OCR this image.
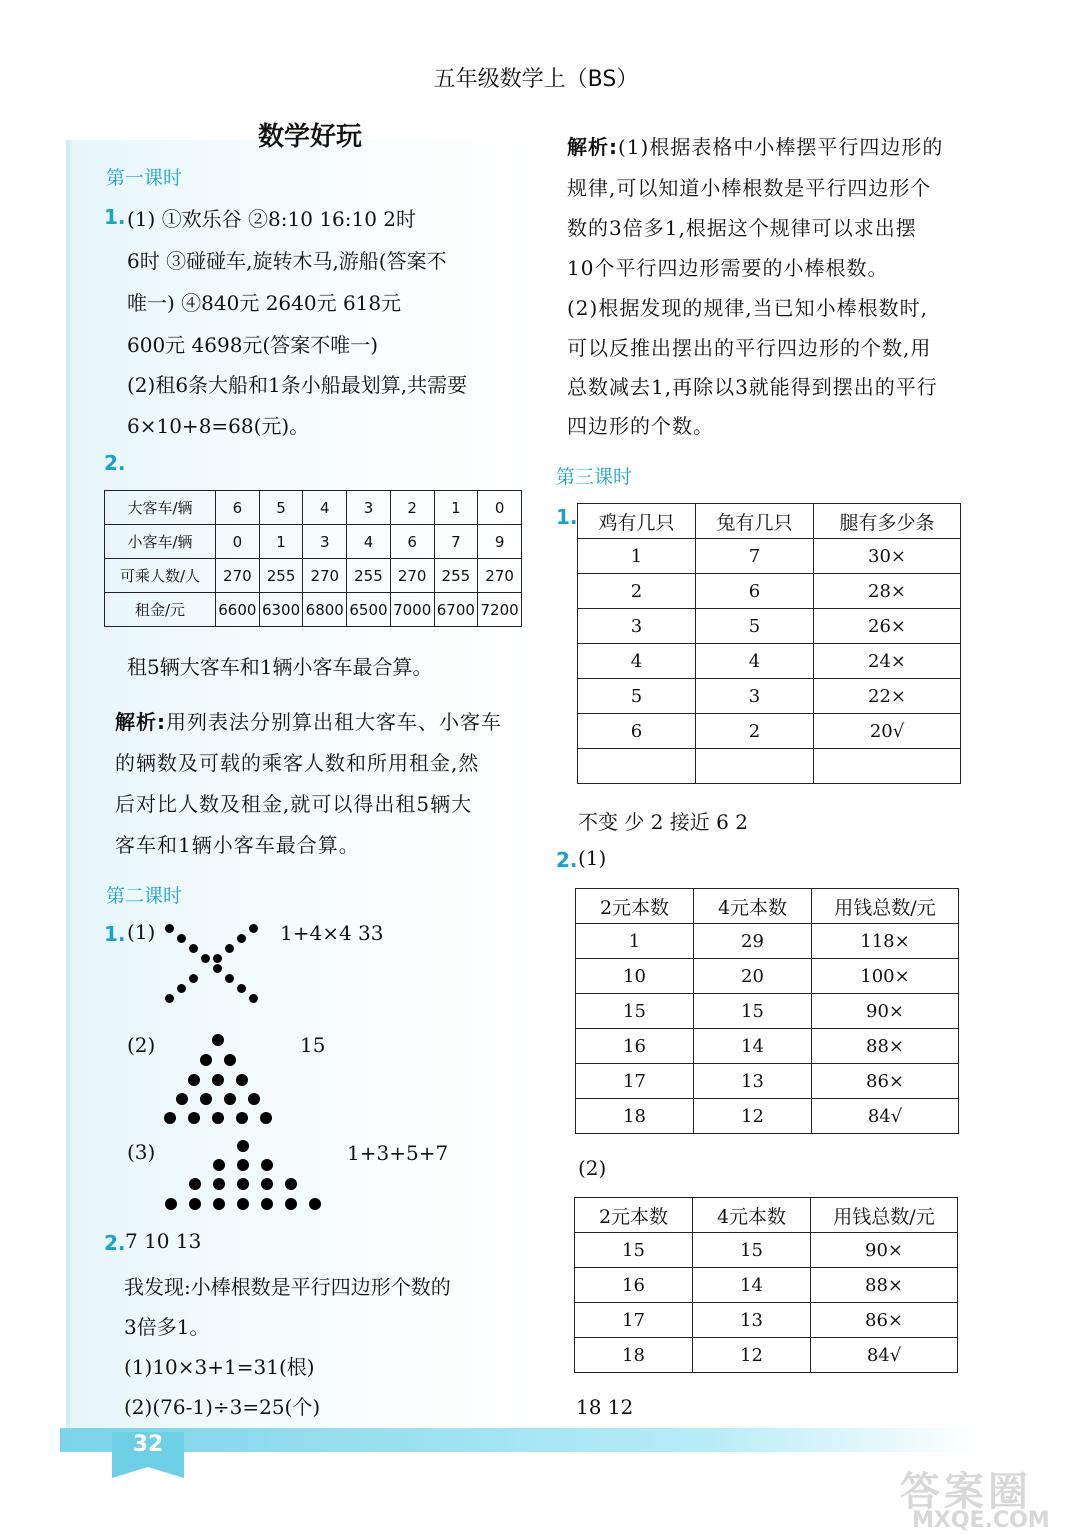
32
五年级数学上（BS）
数学好玩
第一课时
1. (1) ①欢乐谷 ②8:10 16:10 2时
6时 ③碰碰车,旋转木马,游船(答案不
唯一) ④840元 2640元 618元
600元 4698元(答案不唯一)
(2)租6条大船和1条小船最划算,共需要
6×10+8=68(元)。
2.
大客车/辆	6	5	4	3	2	1	0
小客车/辆	0	1	3	4	6	7	9
可乘人数/人	270	255	270	255	270	255	270
租金/元	6600	6300	6800	6500	7000	6700	7200
租5辆大客车和1辆小客车最合算。
解析:用列表法分别算出租大客车、小客车
的辆数及可载的乘客人数和所用租金,然
后对比人数及租金,就可以得出租5辆大
客车和1辆小客车最合算。
第二课时
1. (1)	1+4×4 33
(2)	15
(3)	1+3+5+7
2. 7 10 13
我发现:小棒根数是平行四边形个数的
3倍多1。
(1)10×3+1=31(根)
(2)(76-1)÷3=25(个)
解析:(1)根据表格中小棒摆平行四边形的
规律,可以知道小棒根数是平行四边形个
数的3倍多1,根据这个规律可以求出摆
10个平行四边形需要的小棒根数。
(2)根据发现的规律,当已知小棒根数时,
可以反推出摆出的平行四边形的个数,用
总数减去1,再除以3就能得到摆出的平行
四边形的个数。
第三课时
1. 鸡有几只	兔有几只	腿有多少条
1	7	30×
2	6	28×
3	5	26×
4	4	24×
5	3	22×
6	2	20√

不变 少 2 接近 6 2
2. (1)
2元本数	4元本数	用钱总数/元
1	29	118×
10	20	100×
15	15	90×
16	14	88×
17	13	86×
18	12	84√
(2)
2元本数	4元本数	用钱总数/元
15	15	90×
16	14	88×
17	13	86×
18	12	84√
18 12
答案圈
MXQE.COM
